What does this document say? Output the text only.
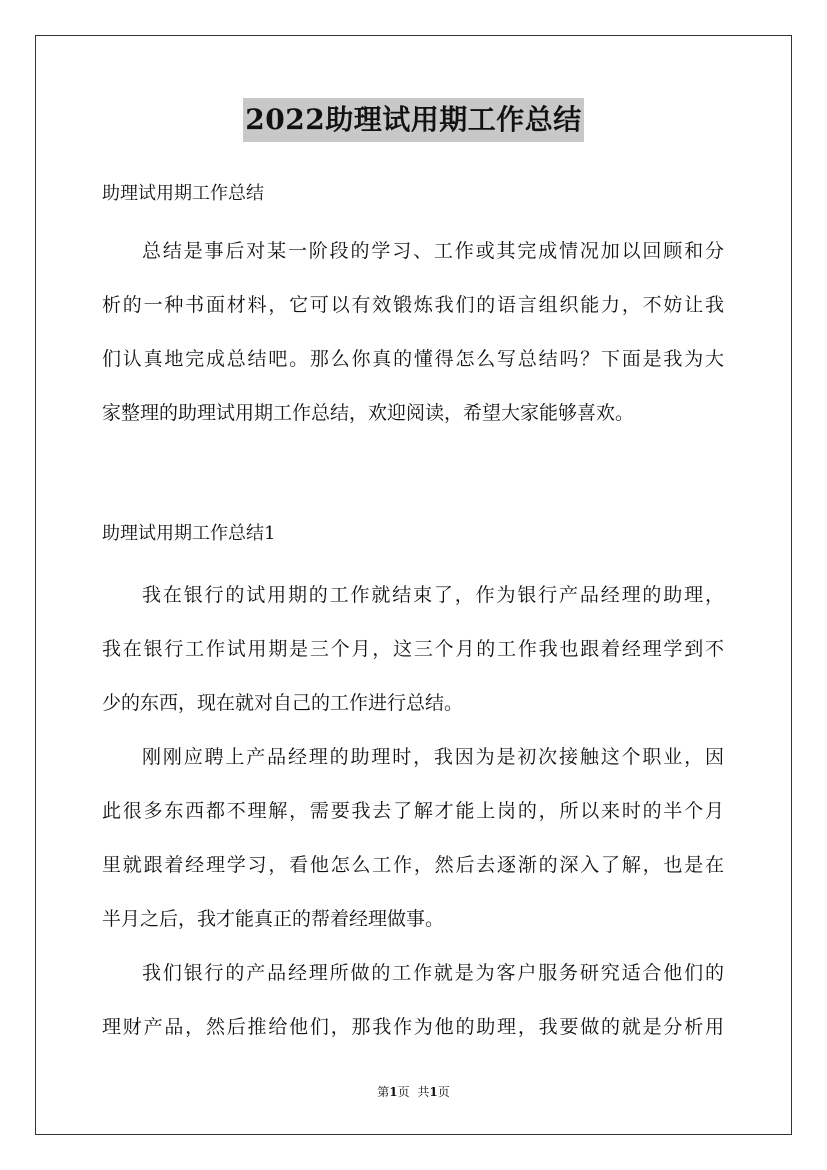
2022助理试用期工作总结

助理试用期工作总结

总结是事后对某一阶段的学习、工作或其完成情况加以回顾和分

析的一种书面材料，它可以有效锻炼我们的语言组织能力，不妨让我

们认真地完成总结吧。那么你真的懂得怎么写总结吗？下面是我为大

家整理的助理试用期工作总结，欢迎阅读，希望大家能够喜欢。

助理试用期工作总结1

我在银行的试用期的工作就结束了，作为银行产品经理的助理，

我在银行工作试用期是三个月，这三个月的工作我也跟着经理学到不

少的东西，现在就对自己的工作进行总结。

刚刚应聘上产品经理的助理时，我因为是初次接触这个职业，因

此很多东西都不理解，需要我去了解才能上岗的，所以来时的半个月

里就跟着经理学习，看他怎么工作，然后去逐渐的深入了解，也是在

半月之后，我才能真正的帮着经理做事。

我们银行的产品经理所做的工作就是为客户服务研究适合他们的

理财产品，然后推给他们，那我作为他的助理，我要做的就是分析用

第1页 共1页
